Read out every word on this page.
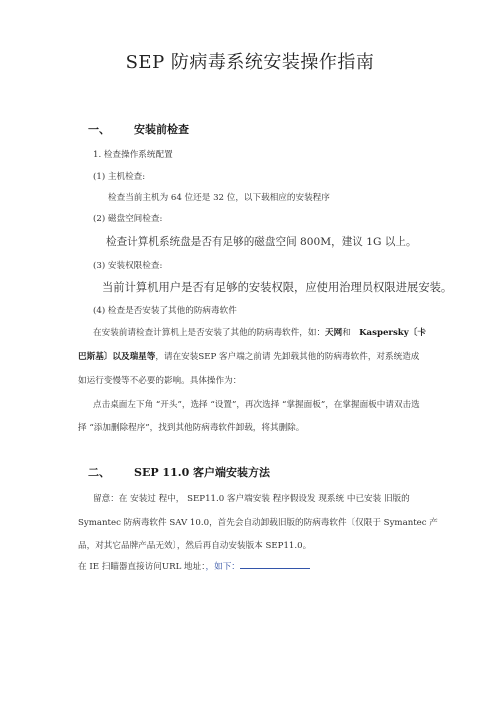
SEP 防病毒系统安装操作指南
一、 安装前检查
1. 检查操作系统配置
(1) 主机检查:
检查当前主机为 64 位还是 32 位，以下载相应的安装程序
(2) 磁盘空间检查:
检查计算机系统盘是否有足够的磁盘空间 800M，建议 1G 以上。
(3) 安装权限检查:
当前计算机用户是否有足够的安装权限，应使用治理员权限进展安装。
(4) 检查是否安装了其他的防病毒软件
在安装前请检查计算机上是否安装了其他的防病毒软件，如：天网和 Kaspersky〔卡
巴斯基〕以及瑞星等，请在安装SEP 客户端之前请 先卸载其他的防病毒软件，对系统造成
如运行变慢等不必要的影响。具体操作为：
点击桌面左下角 “开头”，选择 “设置”，再次选择 “掌握面板”，在掌握面板中请双击选
择 “添加删除程序”，找到其他防病毒软件卸载，将其删除。
二、 SEP 11.0 客户端安装方法
留意：在 安装过 程中， SEP11.0 客户端安装 程序假设发 现系统 中已安装 旧版的
Symantec 防病毒软件 SAV 10.0，首先会自动卸载旧版的防病毒软件〔仅限于 Symantec 产
品，对其它品牌产品无效〕，然后再自动安装版本 SEP11.0。
在 IE 扫瞄器直接访问URL 地址：，如下：
